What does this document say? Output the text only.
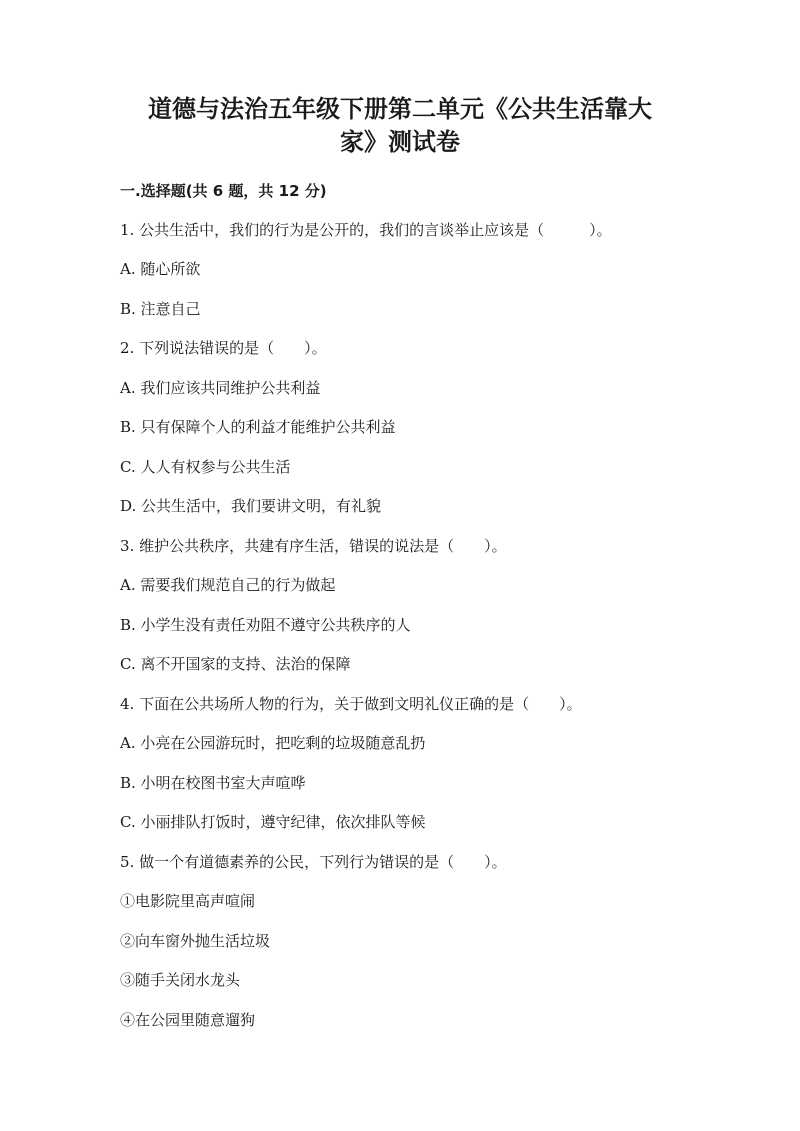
道德与法治五年级下册第二单元《公共生活靠大
家》测试卷
一.选择题(共 6 题，共 12 分)

1. 公共生活中，我们的行为是公开的，我们的言谈举止应该是（　　　）。

A. 随心所欲

B. 注意自己

2. 下列说法错误的是（　　）。

A. 我们应该共同维护公共利益

B. 只有保障个人的利益才能维护公共利益

C. 人人有权参与公共生活

D. 公共生活中，我们要讲文明，有礼貌

3. 维护公共秩序，共建有序生活，错误的说法是（　　）。

A. 需要我们规范自己的行为做起

B. 小学生没有责任劝阻不遵守公共秩序的人

C. 离不开国家的支持、法治的保障

4. 下面在公共场所人物的行为，关于做到文明礼仪正确的是（　　）。

A. 小亮在公园游玩时，把吃剩的垃圾随意乱扔

B. 小明在校图书室大声喧哗

C. 小丽排队打饭时，遵守纪律，依次排队等候

5. 做一个有道德素养的公民，下列行为错误的是（　　）。

①电影院里高声喧闹

②向车窗外抛生活垃圾

③随手关闭水龙头

④在公园里随意遛狗
